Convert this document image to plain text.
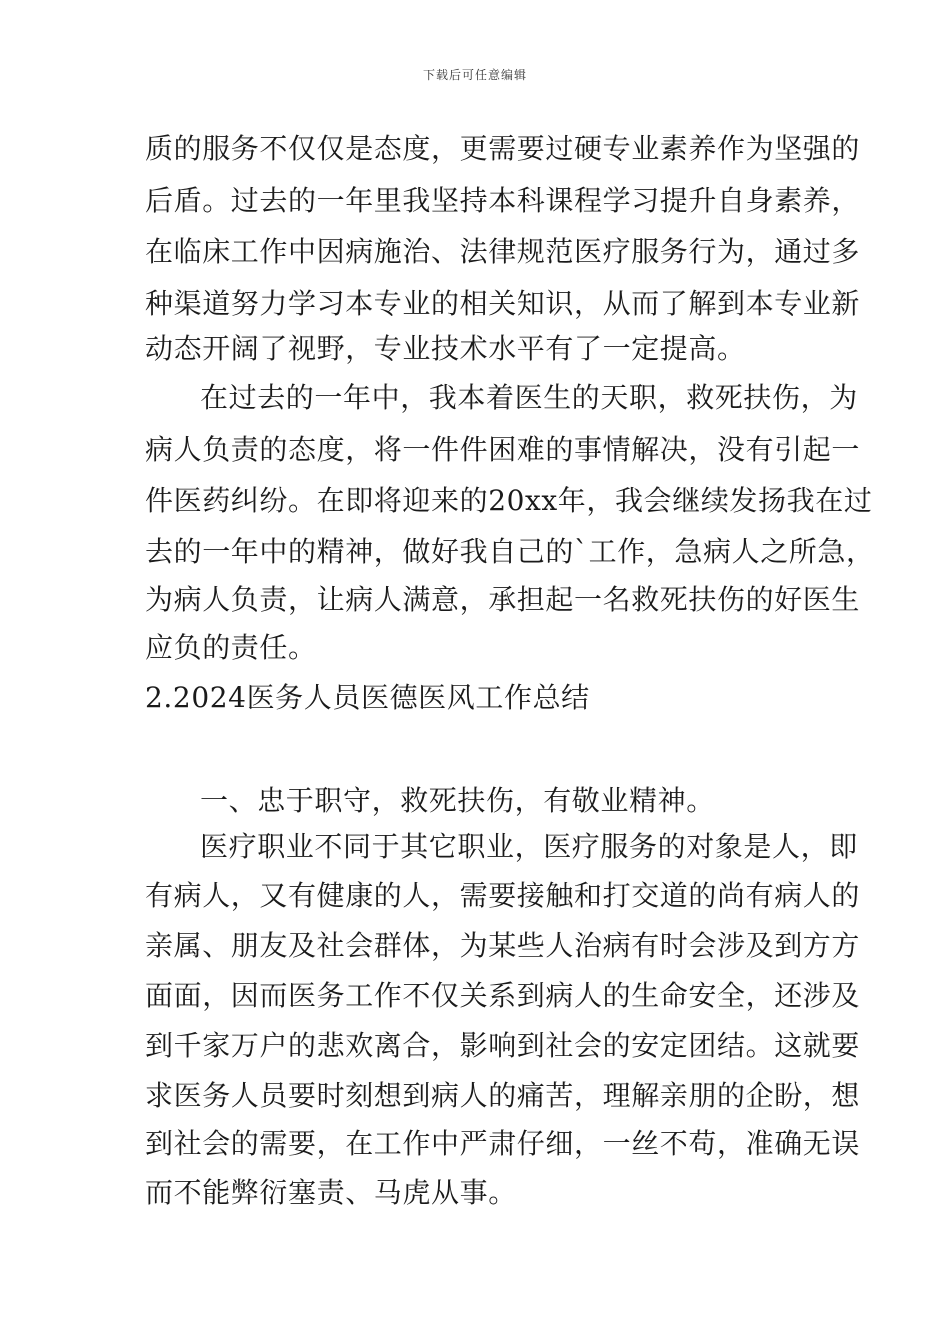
下载后可任意编辑
质的服务不仅仅是态度，更需要过硬专业素养作为坚强的
后盾。过去的一年里我坚持本科课程学习提升自身素养，
在临床工作中因病施治、法律规范医疗服务行为，通过多
种渠道努力学习本专业的相关知识，从而了解到本专业新
动态开阔了视野，专业技术水平有了一定提高。
在过去的一年中，我本着医生的天职，救死扶伤，为
病人负责的态度，将一件件困难的事情解决，没有引起一
件医药纠纷。在即将迎来的20xx年，我会继续发扬我在过
去的一年中的精神，做好我自己的`工作，急病人之所急，
为病人负责，让病人满意，承担起一名救死扶伤的好医生
应负的责任。
2.2024医务人员医德医风工作总结
一、忠于职守，救死扶伤，有敬业精神。
医疗职业不同于其它职业，医疗服务的对象是人，即
有病人，又有健康的人，需要接触和打交道的尚有病人的
亲属、朋友及社会群体，为某些人治病有时会涉及到方方
面面，因而医务工作不仅关系到病人的生命安全，还涉及
到千家万户的悲欢离合，影响到社会的安定团结。这就要
求医务人员要时刻想到病人的痛苦，理解亲朋的企盼，想
到社会的需要，在工作中严肃仔细，一丝不苟，准确无误
而不能弊衍塞责、马虎从事。
